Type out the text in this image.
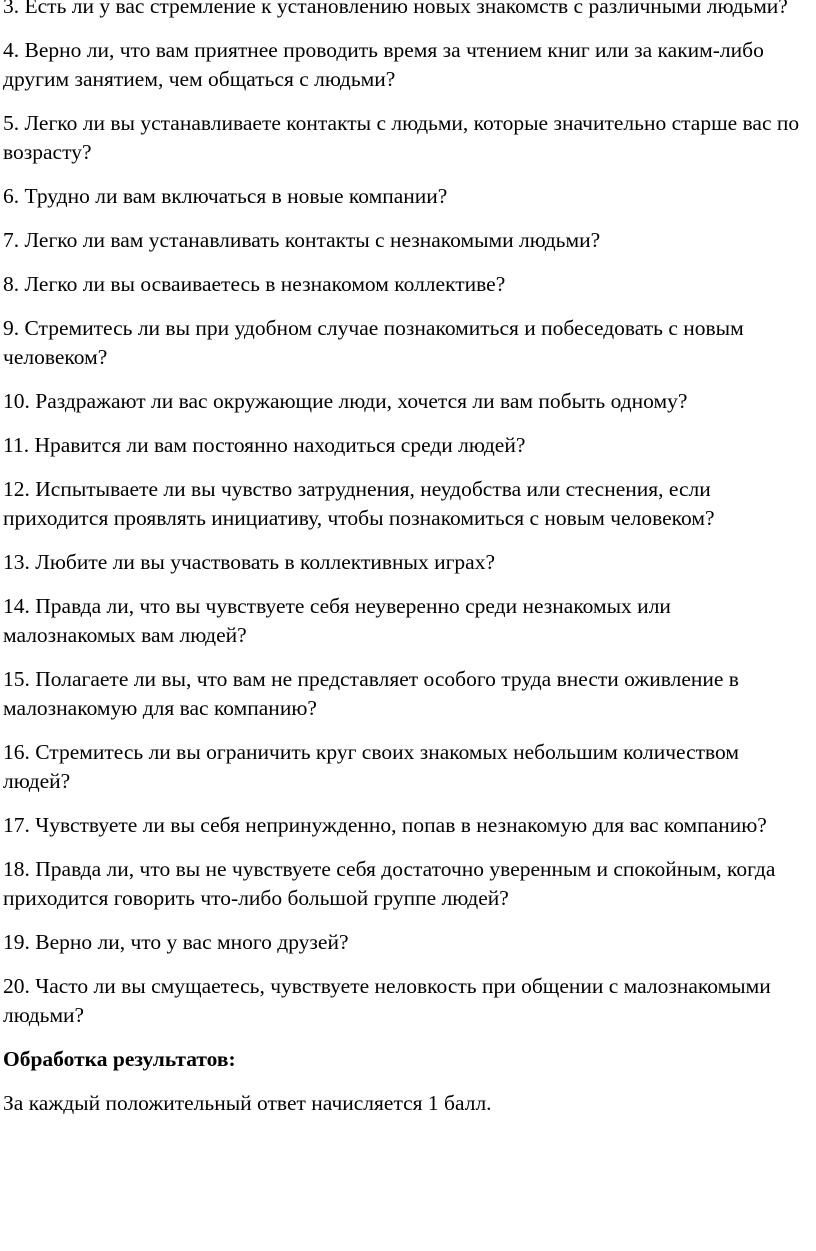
3. Есть ли у вас стремление к установлению новых знакомств с различными людьми?

4. Верно ли, что вам приятнее проводить время за чтением книг или за каким-либо другим занятием, чем общаться с людьми?

5. Легко ли вы устанавливаете контакты с людьми, которые значительно старше вас по возрасту?

6. Трудно ли вам включаться в новые компании?

7. Легко ли вам устанавливать контакты с незнакомыми людьми?

8. Легко ли вы осваиваетесь в незнакомом коллективе?

9. Стремитесь ли вы при удобном случае познакомиться и побеседовать с новым человеком?

10. Раздражают ли вас окружающие люди, хочется ли вам побыть одному?

11. Нравится ли вам постоянно находиться среди людей?

12. Испытываете ли вы чувство затруднения, неудобства или стеснения, если приходится проявлять инициативу, чтобы познакомиться с новым человеком?

13. Любите ли вы участвовать в коллективных играх?

14. Правда ли, что вы чувствуете себя неуверенно среди незнакомых или малознакомых вам людей?

15. Полагаете ли вы, что вам не представляет особого труда внести оживление в малознакомую для вас компанию?

16. Стремитесь ли вы ограничить круг своих знакомых небольшим количеством людей?

17. Чувствуете ли вы себя непринужденно, попав в незнакомую для вас компанию?

18. Правда ли, что вы не чувствуете себя достаточно уверенным и спокойным, когда приходится говорить что-либо большой группе людей?

19. Верно ли, что у вас много друзей?

20. Часто ли вы смущаетесь, чувствуете неловкость при общении с малознакомыми людьми?

Обработка результатов:

За каждый положительный ответ начисляется 1 балл.
